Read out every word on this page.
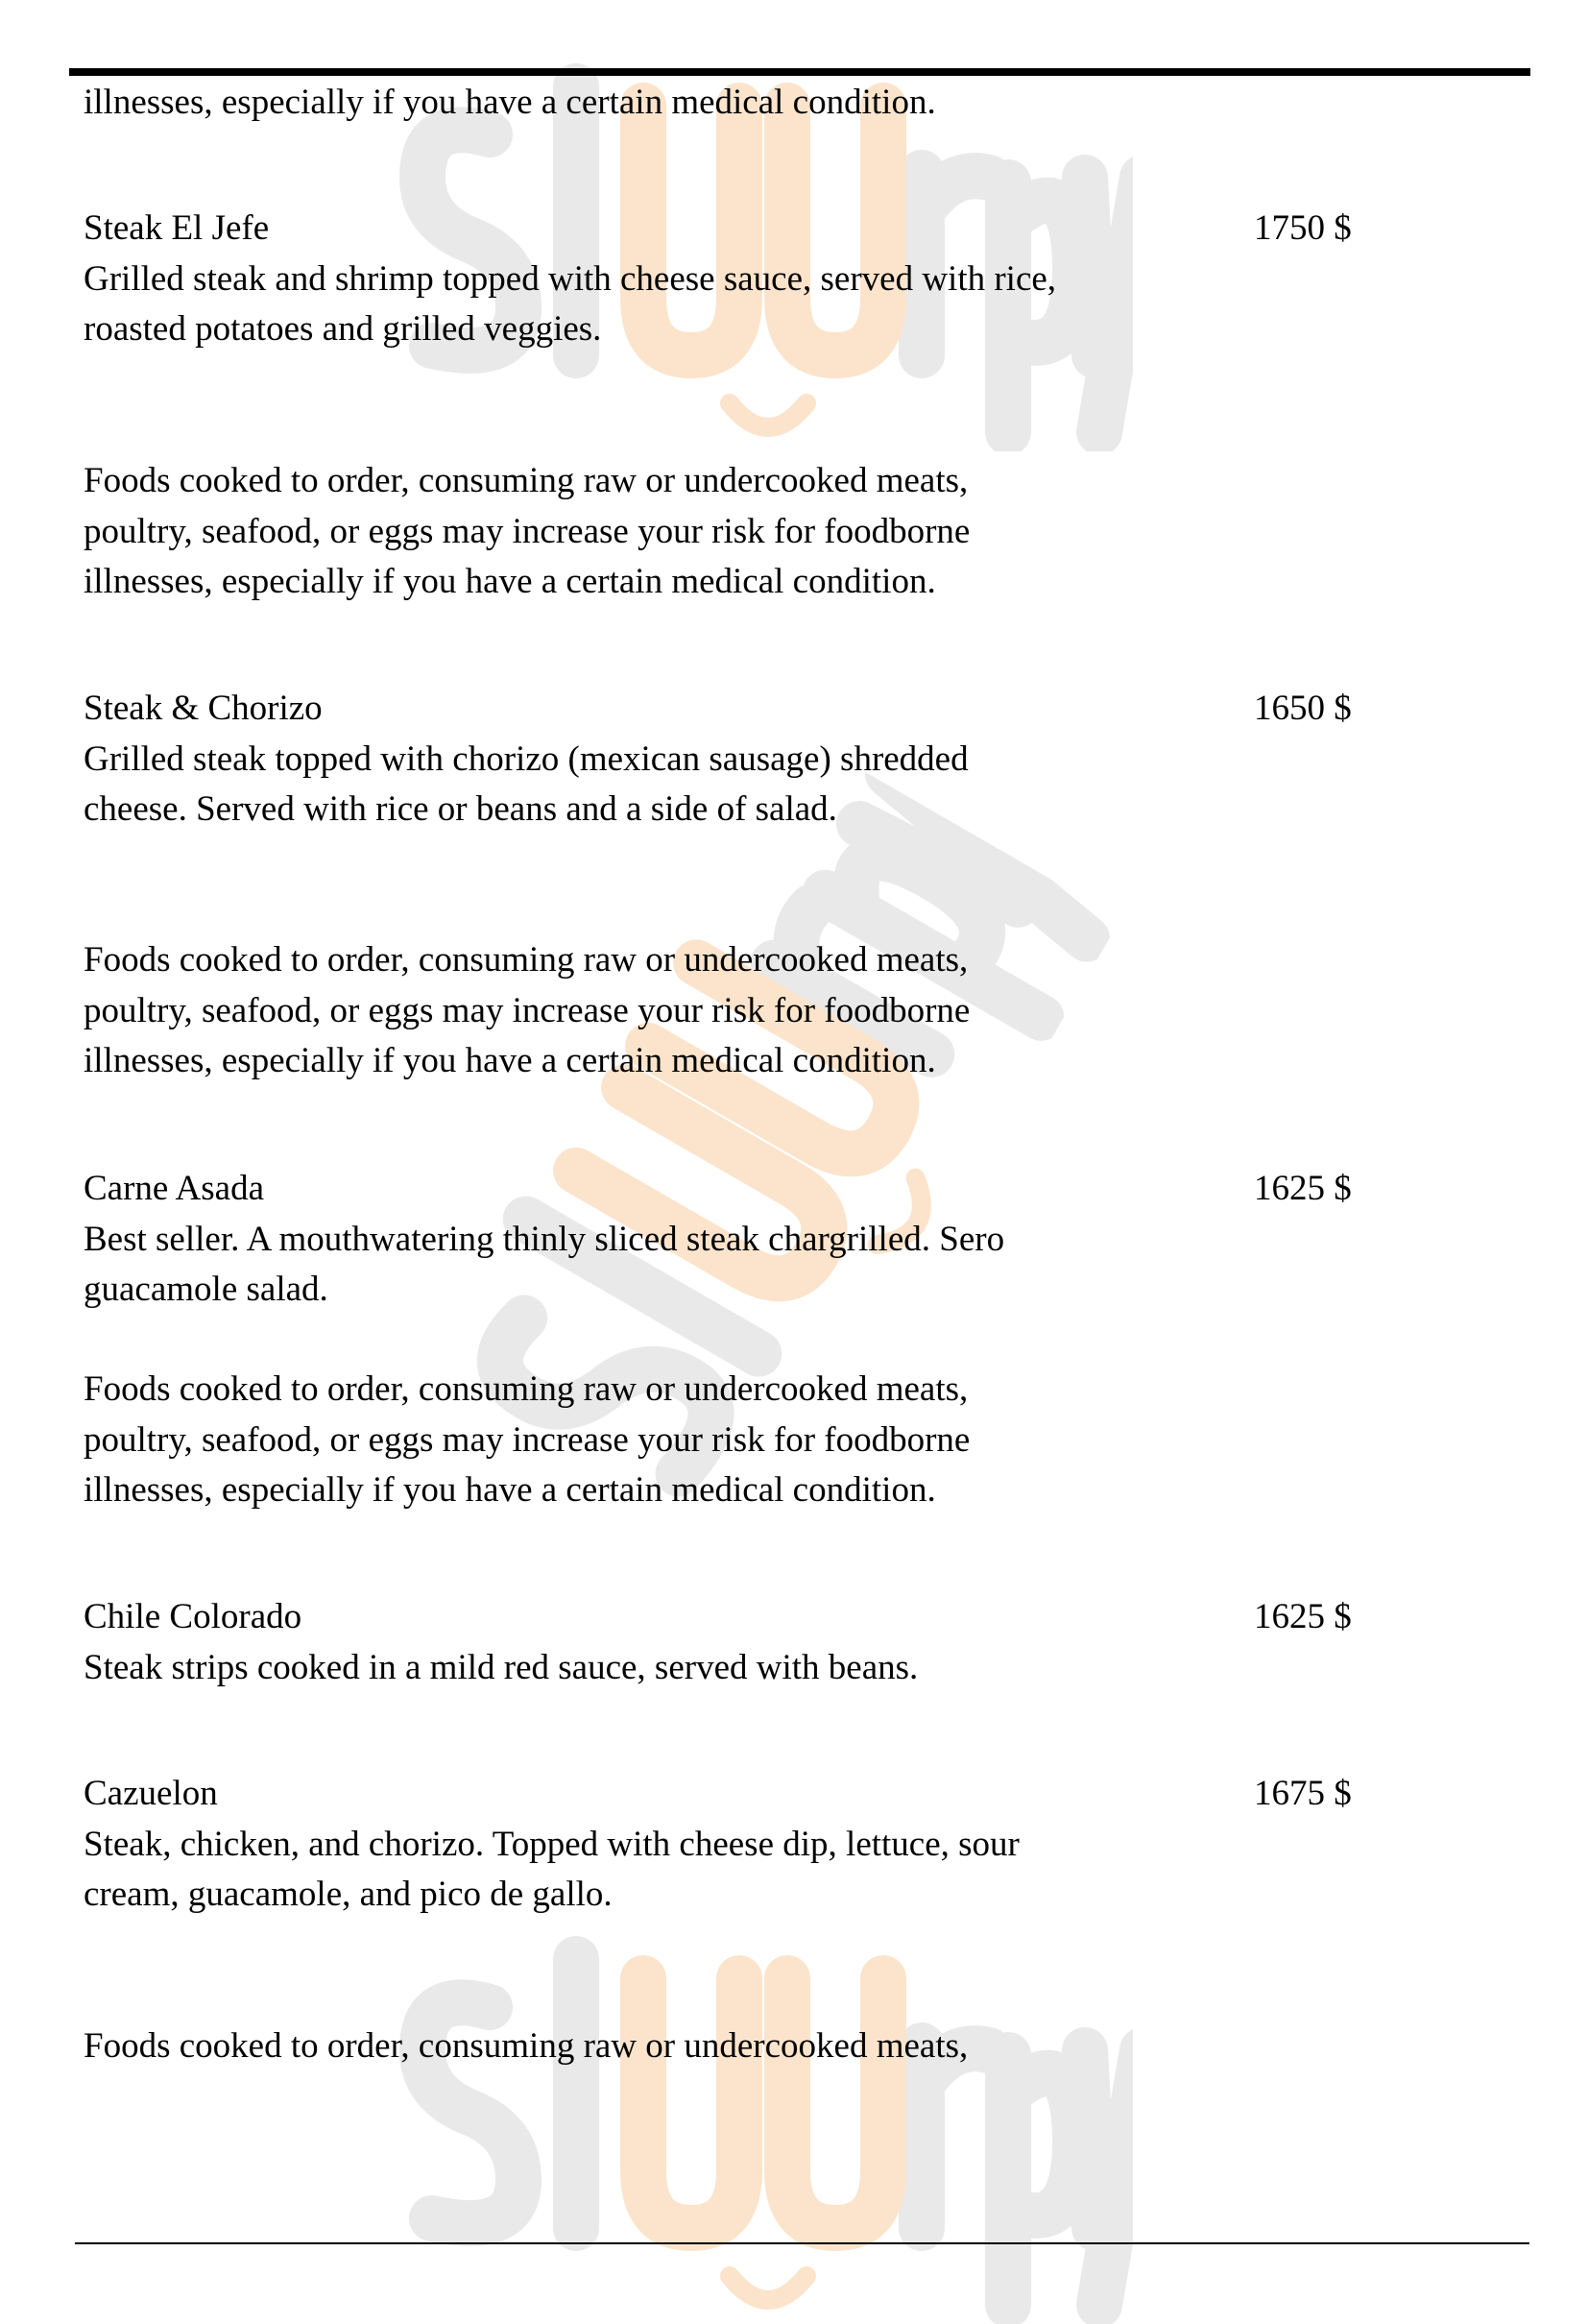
illnesses, especially if you have a certain medical condition.
Steak El Jefe
Grilled steak and shrimp topped with cheese sauce, served with rice,
roasted potatoes and grilled veggies.
1750 $
Foods cooked to order, consuming raw or undercooked meats,
poultry, seafood, or eggs may increase your risk for foodborne
illnesses, especially if you have a certain medical condition.
Steak & Chorizo
Grilled steak topped with chorizo (mexican sausage) shredded
cheese. Served with rice or beans and a side of salad.
1650 $
Foods cooked to order, consuming raw or undercooked meats,
poultry, seafood, or eggs may increase your risk for foodborne
illnesses, especially if you have a certain medical condition.
Carne Asada
Best seller. A mouthwatering thinly sliced steak chargrilled. Sero
guacamole salad.
1625 $
Foods cooked to order, consuming raw or undercooked meats,
poultry, seafood, or eggs may increase your risk for foodborne
illnesses, especially if you have a certain medical condition.
Chile Colorado
Steak strips cooked in a mild red sauce, served with beans.
1625 $
Cazuelon
Steak, chicken, and chorizo. Topped with cheese dip, lettuce, sour
cream, guacamole, and pico de gallo.
1675 $
Foods cooked to order, consuming raw or undercooked meats,
